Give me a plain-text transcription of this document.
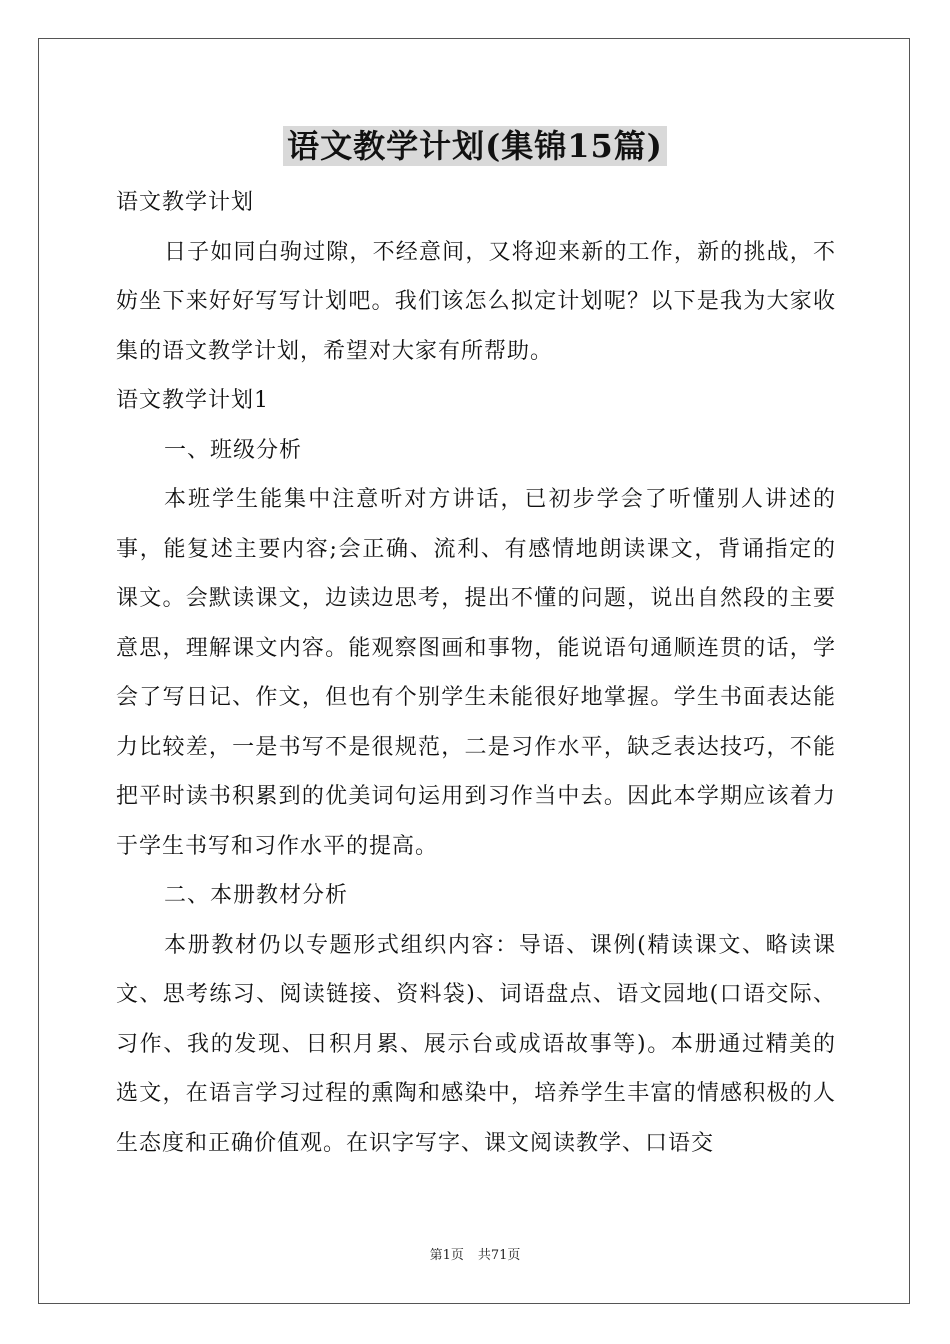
语文教学计划(集锦15篇)

语文教学计划

日子如同白驹过隙，不经意间，又将迎来新的工作，新的挑战，不妨坐下来好好写写计划吧。我们该怎么拟定计划呢？以下是我为大家收集的语文教学计划，希望对大家有所帮助。

语文教学计划1

一、班级分析

本班学生能集中注意听对方讲话，已初步学会了听懂别人讲述的事，能复述主要内容;会正确、流利、有感情地朗读课文，背诵指定的课文。会默读课文，边读边思考，提出不懂的问题，说出自然段的主要意思，理解课文内容。能观察图画和事物，能说语句通顺连贯的话，学会了写日记、作文，但也有个别学生未能很好地掌握。学生书面表达能力比较差，一是书写不是很规范，二是习作水平，缺乏表达技巧，不能把平时读书积累到的优美词句运用到习作当中去。因此本学期应该着力于学生书写和习作水平的提高。

二、本册教材分析

本册教材仍以专题形式组织内容：导语、课例(精读课文、略读课文、思考练习、阅读链接、资料袋)、词语盘点、语文园地(口语交际、习作、我的发现、日积月累、展示台或成语故事等)。本册通过精美的选文，在语言学习过程的熏陶和感染中，培养学生丰富的情感积极的人生态度和正确价值观。在识字写字、课文阅读教学、口语交

第1页 共71页
